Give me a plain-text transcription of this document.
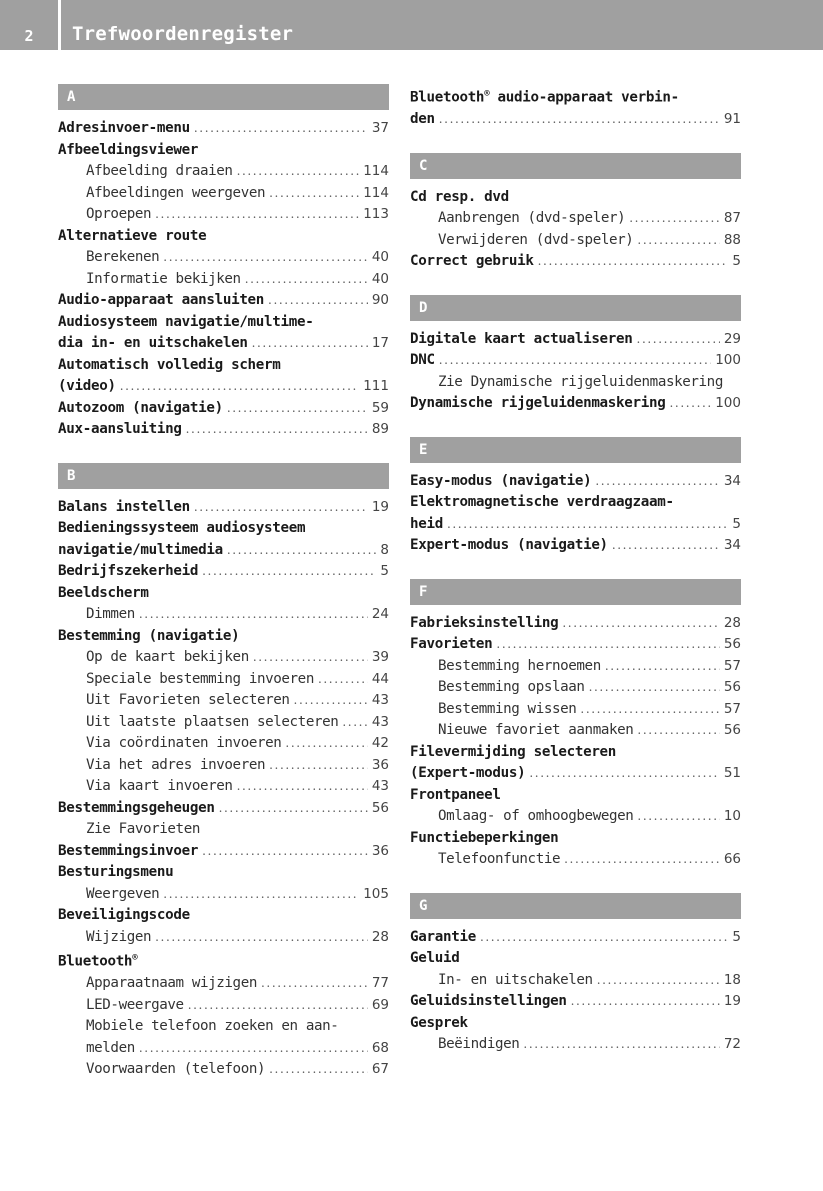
2	Trefwoordenregister
A
Adresinvoer-menu .....	37
Afbeeldingsviewer
Afbeelding draaien .....	114
Afbeeldingen weergeven .....	114
Oproepen .....	113
Alternatieve route
Berekenen .....	40
Informatie bekijken .....	40
Audio-apparaat aansluiten .....	90
Audiosysteem navigatie/multime-
dia in- en uitschakelen .....	17
Automatisch volledig scherm
(video) .....	111
Autozoom (navigatie) .....	59
Aux-aansluiting .....	89
B
Balans instellen .....	19
Bedieningssysteem audiosysteem
navigatie/multimedia .....	8
Bedrijfszekerheid .....	5
Beeldscherm
Dimmen .....	24
Bestemming (navigatie)
Op de kaart bekijken .....	39
Speciale bestemming invoeren .....	44
Uit Favorieten selecteren .....	43
Uit laatste plaatsen selecteren ..... 43
Via coördinaten invoeren .....	42
Via het adres invoeren .....	36
Via kaart invoeren .....	43
Bestemmingsgeheugen .....	56
Zie Favorieten
Bestemmingsinvoer .....	36
Besturingsmenu
Weergeven .....	105
Beveiligingscode
Wijzigen .....	28
Bluetooth®
Apparaatnaam wijzigen .....	77
LED-weergave .....	69
Mobiele telefoon zoeken en aan-
melden .....	68
Voorwaarden (telefoon) .....	67
Bluetooth® audio-apparaat verbin-
den .....	91
C
Cd resp. dvd
Aanbrengen (dvd-speler) .....	87
Verwijderen (dvd-speler) .....	88
Correct gebruik .....	5
D
Digitale kaart actualiseren .....	29
DNC .....	100
Zie Dynamische rijgeluidenmaskering
Dynamische rijgeluidenmaskering .....	100
E
Easy-modus (navigatie) .....	34
Elektromagnetische verdraagzaam-
heid .....	5
Expert-modus (navigatie) .....	34
F
Fabrieksinstelling .....	28
Favorieten .....	56
Bestemming hernoemen .....	57
Bestemming opslaan .....	56
Bestemming wissen .....	57
Nieuwe favoriet aanmaken .....	56
Filevermijding selecteren
(Expert-modus) .....	51
Frontpaneel
Omlaag- of omhoogbewegen .....	10
Functiebeperkingen
Telefoonfunctie .....	66
G
Garantie .....	5
Geluid
In- en uitschakelen .....	18
Geluidsinstellingen .....	19
Gesprek
Beëindigen .....	72
